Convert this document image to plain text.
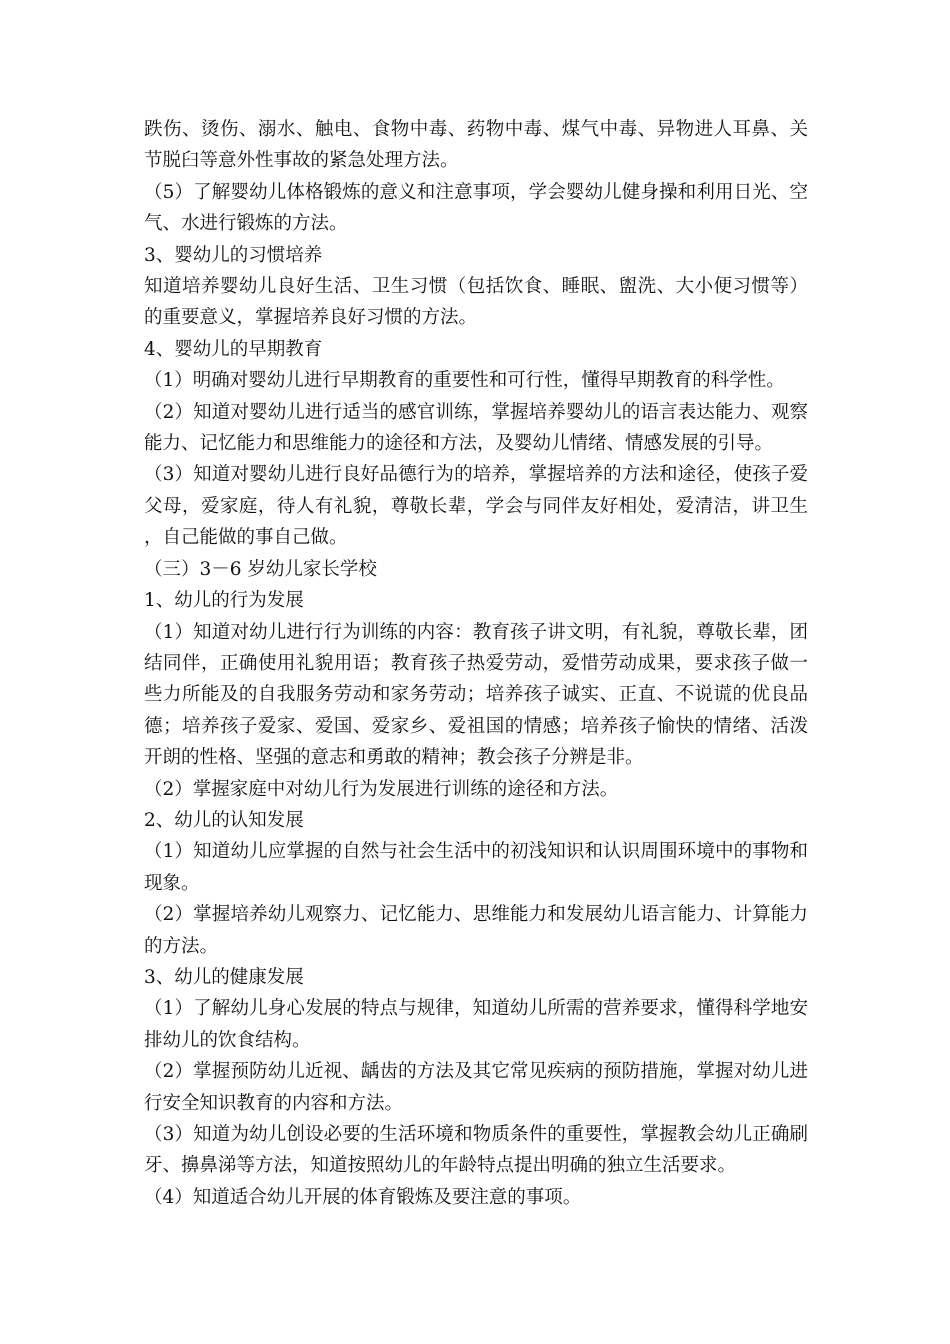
跌伤、烫伤、溺水、触电、食物中毒、药物中毒、煤气中毒、异物进人耳鼻、关节脱臼等意外性事故的紧急处理方法。

（5）了解婴幼儿体格锻炼的意义和注意事项，学会婴幼儿健身操和利用日光、空气、水进行锻炼的方法。

3、婴幼儿的习惯培养

知道培养婴幼儿良好生活、卫生习惯（包括饮食、睡眠、盥洗、大小便习惯等）的重要意义，掌握培养良好习惯的方法。

4、婴幼儿的早期教育

（1）明确对婴幼儿进行早期教育的重要性和可行性，懂得早期教育的科学性。

（2）知道对婴幼儿进行适当的感官训练，掌握培养婴幼儿的语言表达能力、观察能力、记忆能力和思维能力的途径和方法，及婴幼儿情绪、情感发展的引导。

（3）知道对婴幼儿进行良好品德行为的培养，掌握培养的方法和途径，使孩子爱父母，爱家庭，待人有礼貌，尊敬长辈，学会与同伴友好相处，爱清洁，讲卫生，自己能做的事自己做。

（三）3－6 岁幼儿家长学校

1、幼儿的行为发展

（1）知道对幼儿进行行为训练的内容：教育孩子讲文明，有礼貌，尊敬长辈，团结同伴，正确使用礼貌用语；教育孩子热爱劳动，爱惜劳动成果，要求孩子做一些力所能及的自我服务劳动和家务劳动；培养孩子诚实、正直、不说谎的优良品德；培养孩子爱家、爱国、爱家乡、爱祖国的情感；培养孩子愉快的情绪、活泼开朗的性格、坚强的意志和勇敢的精神；教会孩子分辨是非。

（2）掌握家庭中对幼儿行为发展进行训练的途径和方法。

2、幼儿的认知发展

（1）知道幼儿应掌握的自然与社会生活中的初浅知识和认识周围环境中的事物和现象。

（2）掌握培养幼儿观察力、记忆能力、思维能力和发展幼儿语言能力、计算能力的方法。

3、幼儿的健康发展

（1）了解幼儿身心发展的特点与规律，知道幼儿所需的营养要求，懂得科学地安排幼儿的饮食结构。

（2）掌握预防幼儿近视、龋齿的方法及其它常见疾病的预防措施，掌握对幼儿进行安全知识教育的内容和方法。

（3）知道为幼儿创设必要的生活环境和物质条件的重要性，掌握教会幼儿正确刷牙、擤鼻涕等方法，知道按照幼儿的年龄特点提出明确的独立生活要求。

（4）知道适合幼儿开展的体育锻炼及要注意的事项。
